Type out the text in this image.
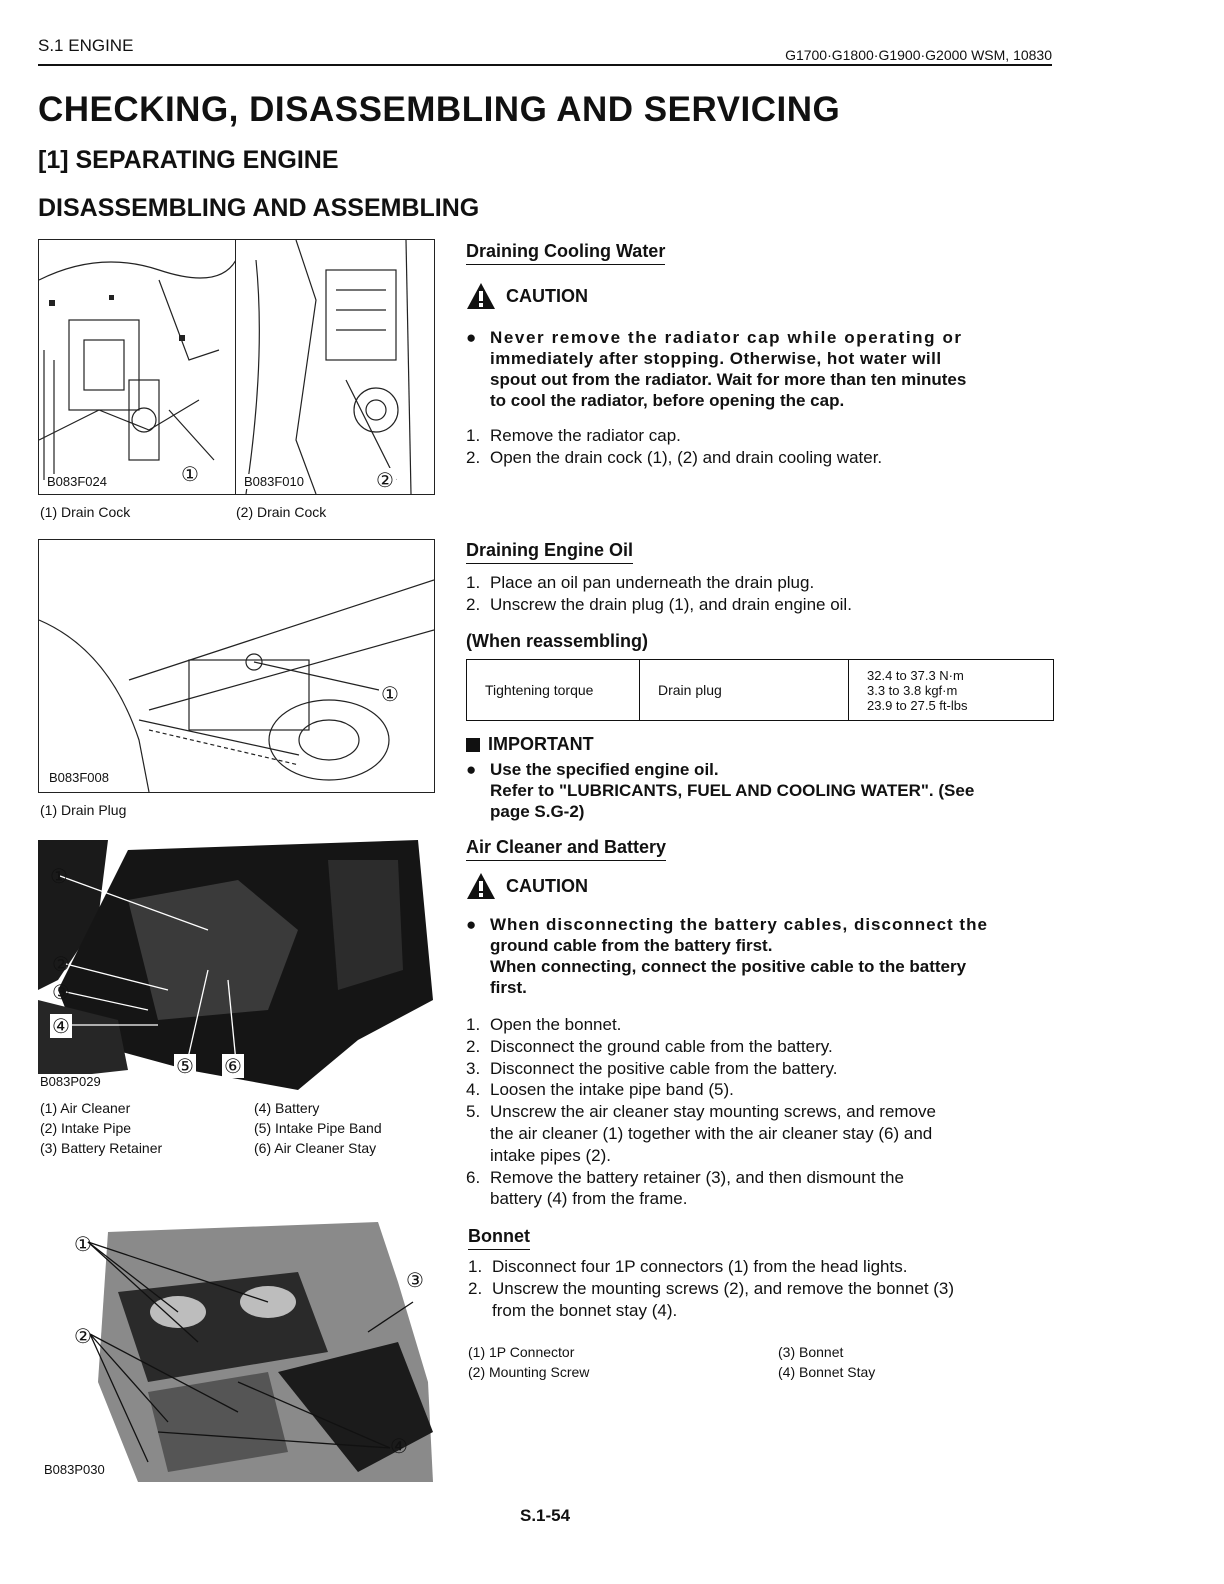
S.1 ENGINE	G1700·G1800·G1900·G2000 WSM, 10830
CHECKING, DISASSEMBLING AND SERVICING
[1] SEPARATING ENGINE
DISASSEMBLING AND ASSEMBLING
①
B083F024	②
B083F010
(1) Drain Cock	(2) Drain Cock
①
B083F008
(1) Drain Plug
①
②
③
④
⑤ ⑥
B083P029
(1) Air Cleaner
(2) Intake Pipe
(3) Battery Retainer
(4) Battery
(5) Intake Pipe Band
(6) Air Cleaner Stay
①
②
③
④
B083P030
Draining Cooling Water
CAUTION
● Never remove the radiator cap while operating or
immediately after stopping. Otherwise, hot water will
spout out from the radiator. Wait for more than ten minutes
to cool the radiator, before opening the cap.
1. Remove the radiator cap.
2. Open the drain cock (1), (2) and drain cooling water.
Draining Engine Oil
1. Place an oil pan underneath the drain plug.
2. Unscrew the drain plug (1), and drain engine oil.
(When reassembling)
Tightening torque	Drain plug	
32.4 to 37.3 N·m
3.3 to 3.8 kgf·m
23.9 to 27.5 ft-lbs
IMPORTANT
● Use the specified engine oil.
Refer to "LUBRICANTS, FUEL AND COOLING WATER". (See
page S.G-2)
Air Cleaner and Battery
CAUTION
● When disconnecting the battery cables, disconnect the
ground cable from the battery first.
When connecting, connect the positive cable to the battery
first.
1. Open the bonnet.
2. Disconnect the ground cable from the battery.
3. Disconnect the positive cable from the battery.
4. Loosen the intake pipe band (5).
5. Unscrew the air cleaner stay mounting screws, and remove
the air cleaner (1) together with the air cleaner stay (6) and
intake pipes (2).
6. Remove the battery retainer (3), and then dismount the
battery (4) from the frame.
Bonnet
1. Disconnect four 1P connectors (1) from the head lights.
2. Unscrew the mounting screws (2), and remove the bonnet (3)
from the bonnet stay (4).
(1) 1P Connector
(2) Mounting Screw
(3) Bonnet
(4) Bonnet Stay
S.1-54
